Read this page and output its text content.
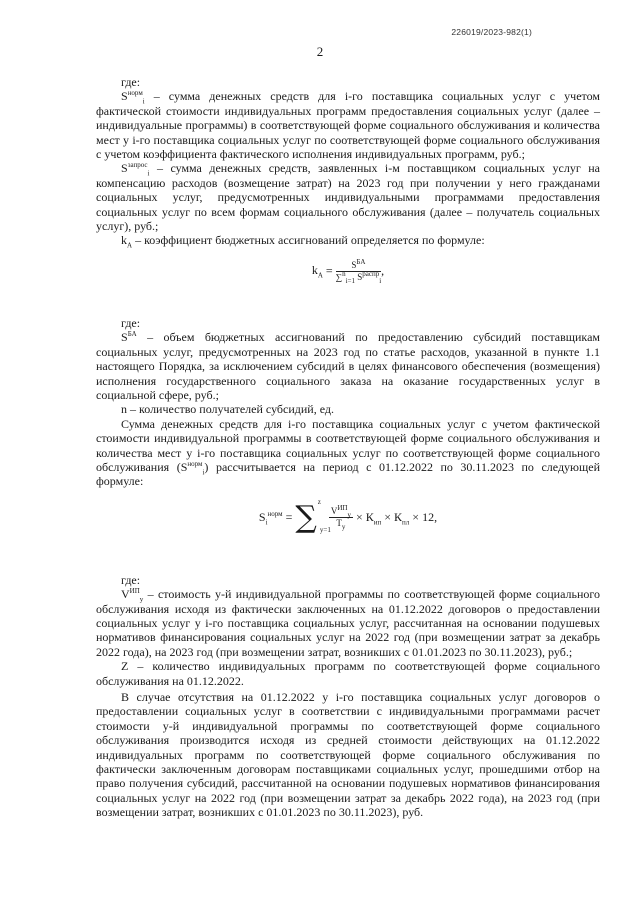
226019/2023-982(1)
2

где:

$S^{норм}_i$ – сумма денежных средств для i-го поставщика социальных услуг с учетом фактической стоимости индивидуальных программ предоставления социальных услуг (далее – индивидуальные программы) в соответствующей форме социального обслуживания и количества мест у i-го поставщика социальных услуг по соответствующей форме социального обслуживания с учетом коэффициента фактического исполнения индивидуальных программ, руб.;

$S^{запрос}_i$ – сумма денежных средств, заявленных i-м поставщиком социальных услуг на компенсацию расходов (возмещение затрат) на 2023 год при получении у него гражданами социальных услуг, предусмотренных индивидуальными программами предоставления социальных услуг по всем формам социального обслуживания (далее – получатель социальных услуг), руб.;

$k_A$ – коэффициент бюджетных ассигнований определяется по формуле:

$k_A = \frac{S^{БА}}{\sum^n_{i=1} S^{распр}_i}$ ,

где:

$S^{БА}$ – объем бюджетных ассигнований по предоставлению субсидий поставщикам социальных услуг, предусмотренных на 2023 год по статье расходов, указанной в пункте 1.1 настоящего Порядка, за исключением субсидий в целях финансового обеспечения (возмещения) исполнения государственного социального заказа на оказание государственных услуг в социальной сфере, руб.;

n – количество получателей субсидий, ед.

Сумма денежных средств для i-го поставщика социальных услуг с учетом фактической стоимости индивидуальной программы в соответствующей форме социального обслуживания и количества мест у i-го поставщика социальных услуг по соответствующей форме социального обслуживания $(S^{норм}_i)$ рассчитывается на период с 01.12.2022 по 30.11.2023 по следующей формуле:

$S_i^{норм}$ = ∑ z
y=1

$\frac{V^{ИП}_y}{T_y} \times К_{ип} \times К_{пл} \times 12$,

где:

$V^{ИП}_y$ – стоимость y-й индивидуальной программы по соответствующей форме социального обслуживания исходя из фактически заключенных на 01.12.2022 договоров о предоставлении социальных услуг у i-го поставщика социальных услуг, рассчитанная на основании подушевых нормативов финансирования социальных услуг на 2022 год (при возмещении затрат за декабрь 2022 года), на 2023 год (при возмещении затрат, возникших с 01.01.2023 по 30.11.2023), руб.;

Z – количество индивидуальных программ по соответствующей форме социального обслуживания на 01.12.2022.

В случае отсутствия на 01.12.2022 у i-го поставщика социальных услуг договоров о предоставлении социальных услуг в соответствии с индивидуальными программами расчет стоимости y-й индивидуальной программы по соответствующей форме социального обслуживания производится исходя из средней стоимости действующих на 01.12.2022 индивидуальных программ по соответствующей форме социального обслуживания по фактически заключенным договорам поставщиками социальных услуг, прошедшими отбор на право получения субсидий, рассчитанной на основании подушевых нормативов финансирования социальных услуг на 2022 год (при возмещении затрат за декабрь 2022 года), на 2023 год (при возмещении затрат, возникших с 01.01.2023 по 30.11.2023), руб.
